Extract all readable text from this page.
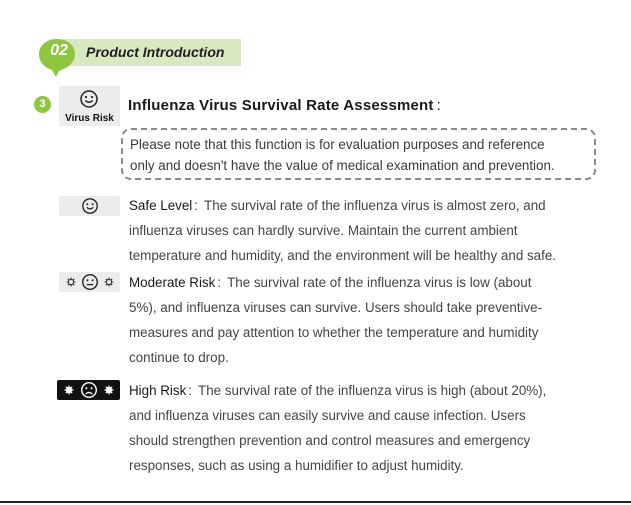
02	Product Introduction
3
Virus Risk
Influenza Virus Survival Rate Assessment :
Please note that this function is for evaluation purposes and reference
only and doesn't have the value of medical examination and prevention.
Safe Level : The survival rate of the influenza virus is almost zero, and
influenza viruses can hardly survive. Maintain the current ambient
temperature and humidity, and the environment will be healthy and safe.
Moderate Risk : The survival rate of the influenza virus is low (about
5%), and influenza viruses can survive. Users should take preventive-
measures and pay attention to whether the temperature and humidity
continue to drop.
High Risk : The survival rate of the influenza virus is high (about 20%),
and influenza viruses can easily survive and cause infection. Users
should strengthen prevention and control measures and emergency
responses, such as using a humidifier to adjust humidity.
